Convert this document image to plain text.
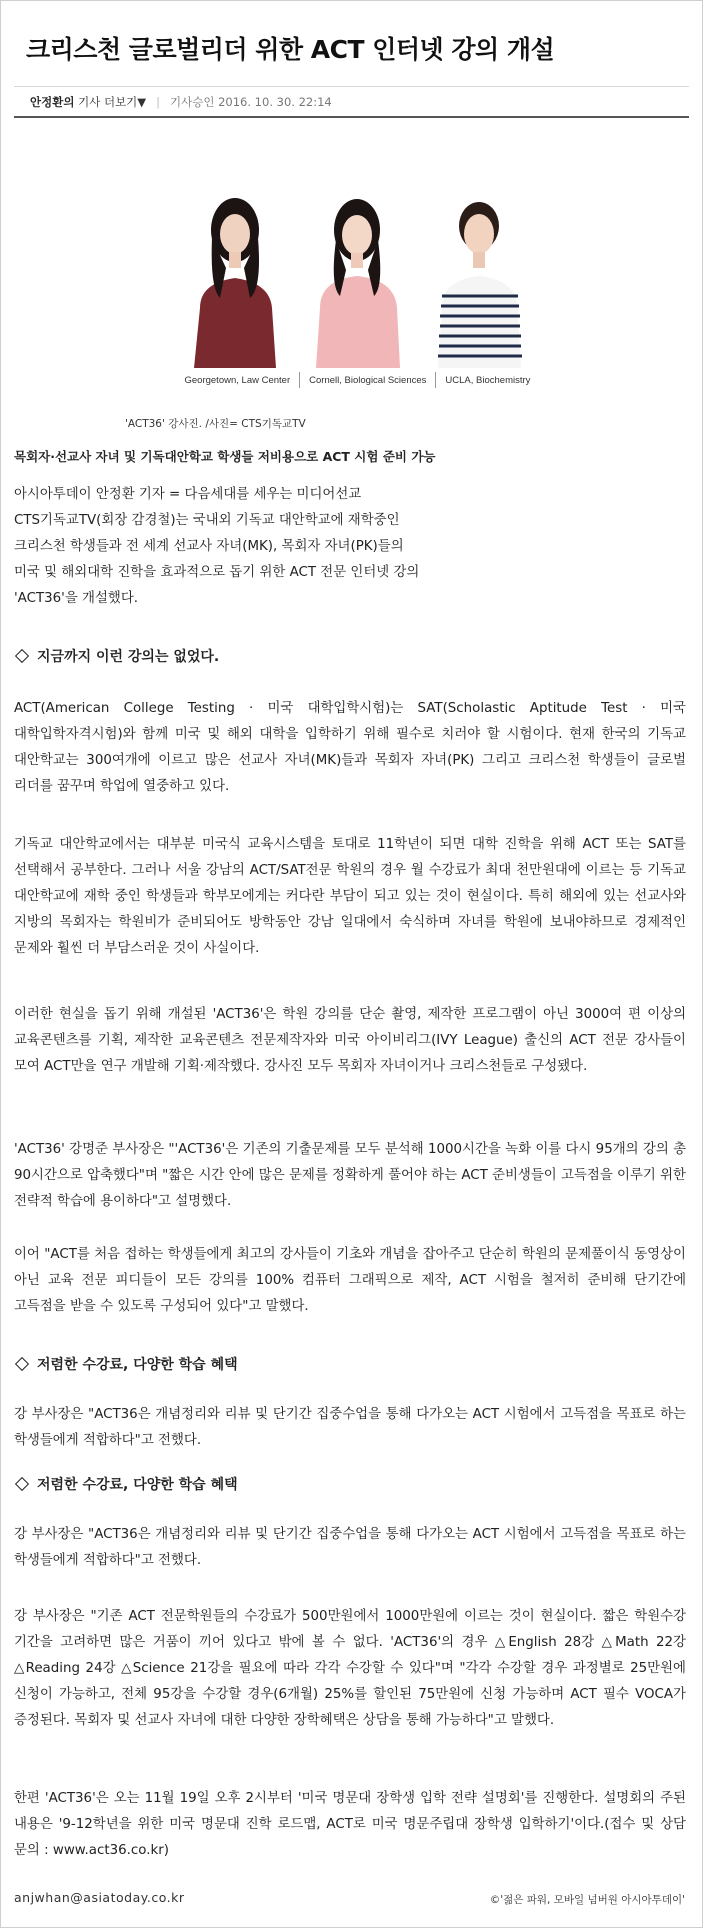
크리스천 글로벌리더 위한 ACT 인터넷 강의 개설
안정환의 기사 더보기▼ | 기사승인 2016. 10. 30. 22:14
Georgetown, Law Center Cornell, Biological Sciences UCLA, Biochemistry
'ACT36' 강사진. /사진= CTS기독교TV
목회자·선교사 자녀 및 기독대안학교 학생들 저비용으로 ACT 시험 준비 가능

아시아투데이 안정환 기자 = 다음세대를 세우는 미디어선교 CTS기독교TV(회장 감경철)는 국내외 기독교 대안학교에 재학중인 크리스천 학생들과 전 세계 선교사 자녀(MK), 목회자 자녀(PK)들의 미국 및 해외대학 진학을 효과적으로 돕기 위한 ACT 전문 인터넷 강의 'ACT36'을 개설했다.

지금까지 이런 강의는 없었다.

ACT(American College Testing · 미국 대학입학시험)는 SAT(Scholastic Aptitude Test · 미국 대학입학자격시험)와 함께 미국 및 해외 대학을 입학하기 위해 필수로 치러야 할 시험이다. 현재 한국의 기독교 대안학교는 300여개에 이르고 많은 선교사 자녀(MK)들과 목회자 자녀(PK) 그리고 크리스천 학생들이 글로벌 리더를 꿈꾸며 학업에 열중하고 있다.

기독교 대안학교에서는 대부분 미국식 교육시스템을 토대로 11학년이 되면 대학 진학을 위해 ACT 또는 SAT를 선택해서 공부한다. 그러나 서울 강남의 ACT/SAT전문 학원의 경우 월 수강료가 최대 천만원대에 이르는 등 기독교 대안학교에 재학 중인 학생들과 학부모에게는 커다란 부담이 되고 있는 것이 현실이다. 특히 해외에 있는 선교사와 지방의 목회자는 학원비가 준비되어도 방학동안 강남 일대에서 숙식하며 자녀를 학원에 보내야하므로 경제적인 문제와 훨씬 더 부담스러운 것이 사실이다.

이러한 현실을 돕기 위해 개설된 'ACT36'은 학원 강의를 단순 촬영, 제작한 프로그램이 아닌 3000여 편 이상의 교육콘텐츠를 기획, 제작한 교육콘텐츠 전문제작자와 미국 아이비리그(IVY League) 출신의 ACT 전문 강사들이 모여 ACT만을 연구 개발해 기획·제작했다. 강사진 모두 목회자 자녀이거나 크리스천들로 구성됐다.

'ACT36' 강명준 부사장은 "'ACT36'은 기존의 기출문제를 모두 분석해 1000시간을 녹화 이를 다시 95개의 강의 총 90시간으로 압축했다"며 "짧은 시간 안에 많은 문제를 정확하게 풀어야 하는 ACT 준비생들이 고득점을 이루기 위한 전략적 학습에 용이하다"고 설명했다.

이어 "ACT를 처음 접하는 학생들에게 최고의 강사들이 기초와 개념을 잡아주고 단순히 학원의 문제풀이식 동영상이 아닌 교육 전문 피디들이 모든 강의를 100% 컴퓨터 그래픽으로 제작, ACT 시험을 철저히 준비해 단기간에 고득점을 받을 수 있도록 구성되어 있다"고 말했다.

저렴한 수강료, 다양한 학습 혜택

강 부사장은 "ACT36은 개념정리와 리뷰 및 단기간 집중수업을 통해 다가오는 ACT 시험에서 고득점을 목표로 하는 학생들에게 적합하다"고 전했다.

저렴한 수강료, 다양한 학습 혜택

강 부사장은 "ACT36은 개념정리와 리뷰 및 단기간 집중수업을 통해 다가오는 ACT 시험에서 고득점을 목표로 하는 학생들에게 적합하다"고 전했다.

강 부사장은 "기존 ACT 전문학원들의 수강료가 500만원에서 1000만원에 이르는 것이 현실이다. 짧은 학원수강 기간을 고려하면 많은 거품이 끼어 있다고 밖에 볼 수 없다. 'ACT36'의 경우 △English 28강 △Math 22강 △Reading 24강 △Science 21강을 필요에 따라 각각 수강할 수 있다"며 "각각 수강할 경우 과정별로 25만원에 신청이 가능하고, 전체 95강을 수강할 경우(6개월) 25%를 할인된 75만원에 신청 가능하며 ACT 필수 VOCA가 증정된다. 목회자 및 선교사 자녀에 대한 다양한 장학혜택은 상담을 통해 가능하다"고 말했다.

한편 'ACT36'은 오는 11월 19일 오후 2시부터 '미국 명문대 장학생 입학 전략 설명회'를 진행한다. 설명회의 주된 내용은 '9-12학년을 위한 미국 명문대 진학 로드맵, ACT로 미국 명문주립대 장학생 입학하기'이다.(접수 및 상담 문의 : www.act36.co.kr)

anjwhan@asiatoday.co.kr	©'젊은 파워, 모바일 넘버원 아시아투데이'
